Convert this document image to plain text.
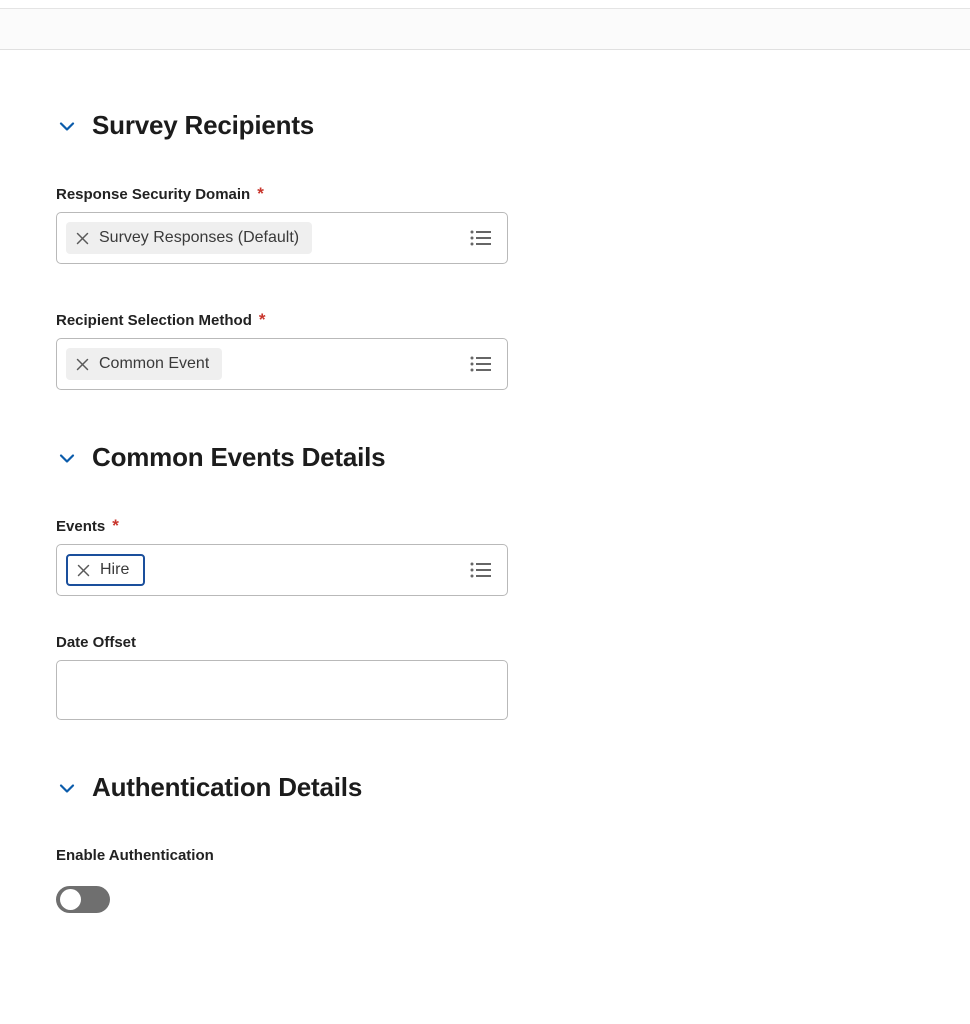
Survey Recipients
Response Security Domain *
Survey Responses (Default)
Recipient Selection Method *
Common Event
Common Events Details
Events *
Hire
Date Offset
Authentication Details
Enable Authentication
